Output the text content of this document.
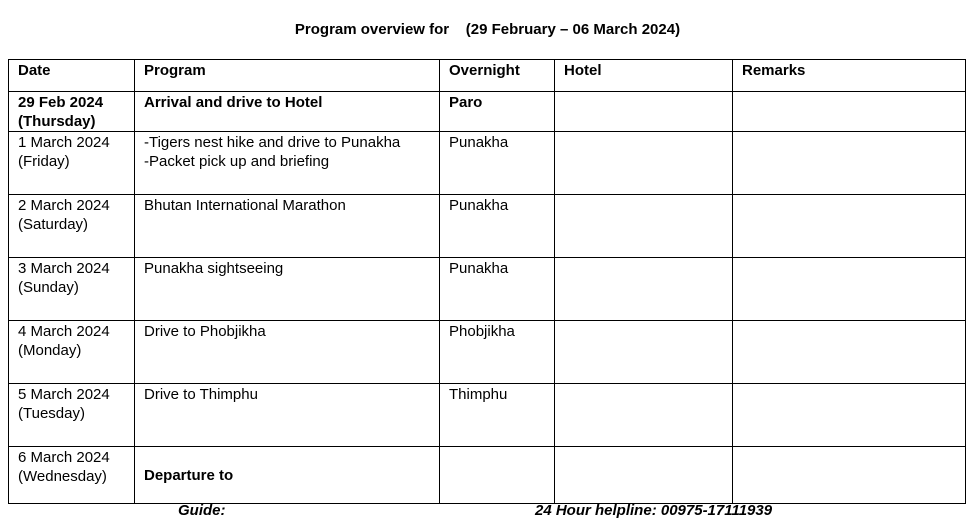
Program overview for    (29 February – 06 March 2024)
Date	Program	Overnight	Hotel	Remarks

29 Feb 2024
(Thursday)	Arrival and drive to Hotel	Paro		

1 March 2024
(Friday)	-Tigers nest hike and drive to Punakha
-Packet pick up and briefing	Punakha		

2 March 2024
(Saturday)	Bhutan International Marathon	Punakha		

3 March 2024
(Sunday)	Punakha sightseeing	Punakha		

4 March 2024
(Monday)	Drive to Phobjikha	Phobjikha		

5 March 2024
(Tuesday)	Drive to Thimphu	Thimphu		

6 March 2024
(Wednesday)	Departure to			

Guide:	24 Hour helpline: 00975-17111939
